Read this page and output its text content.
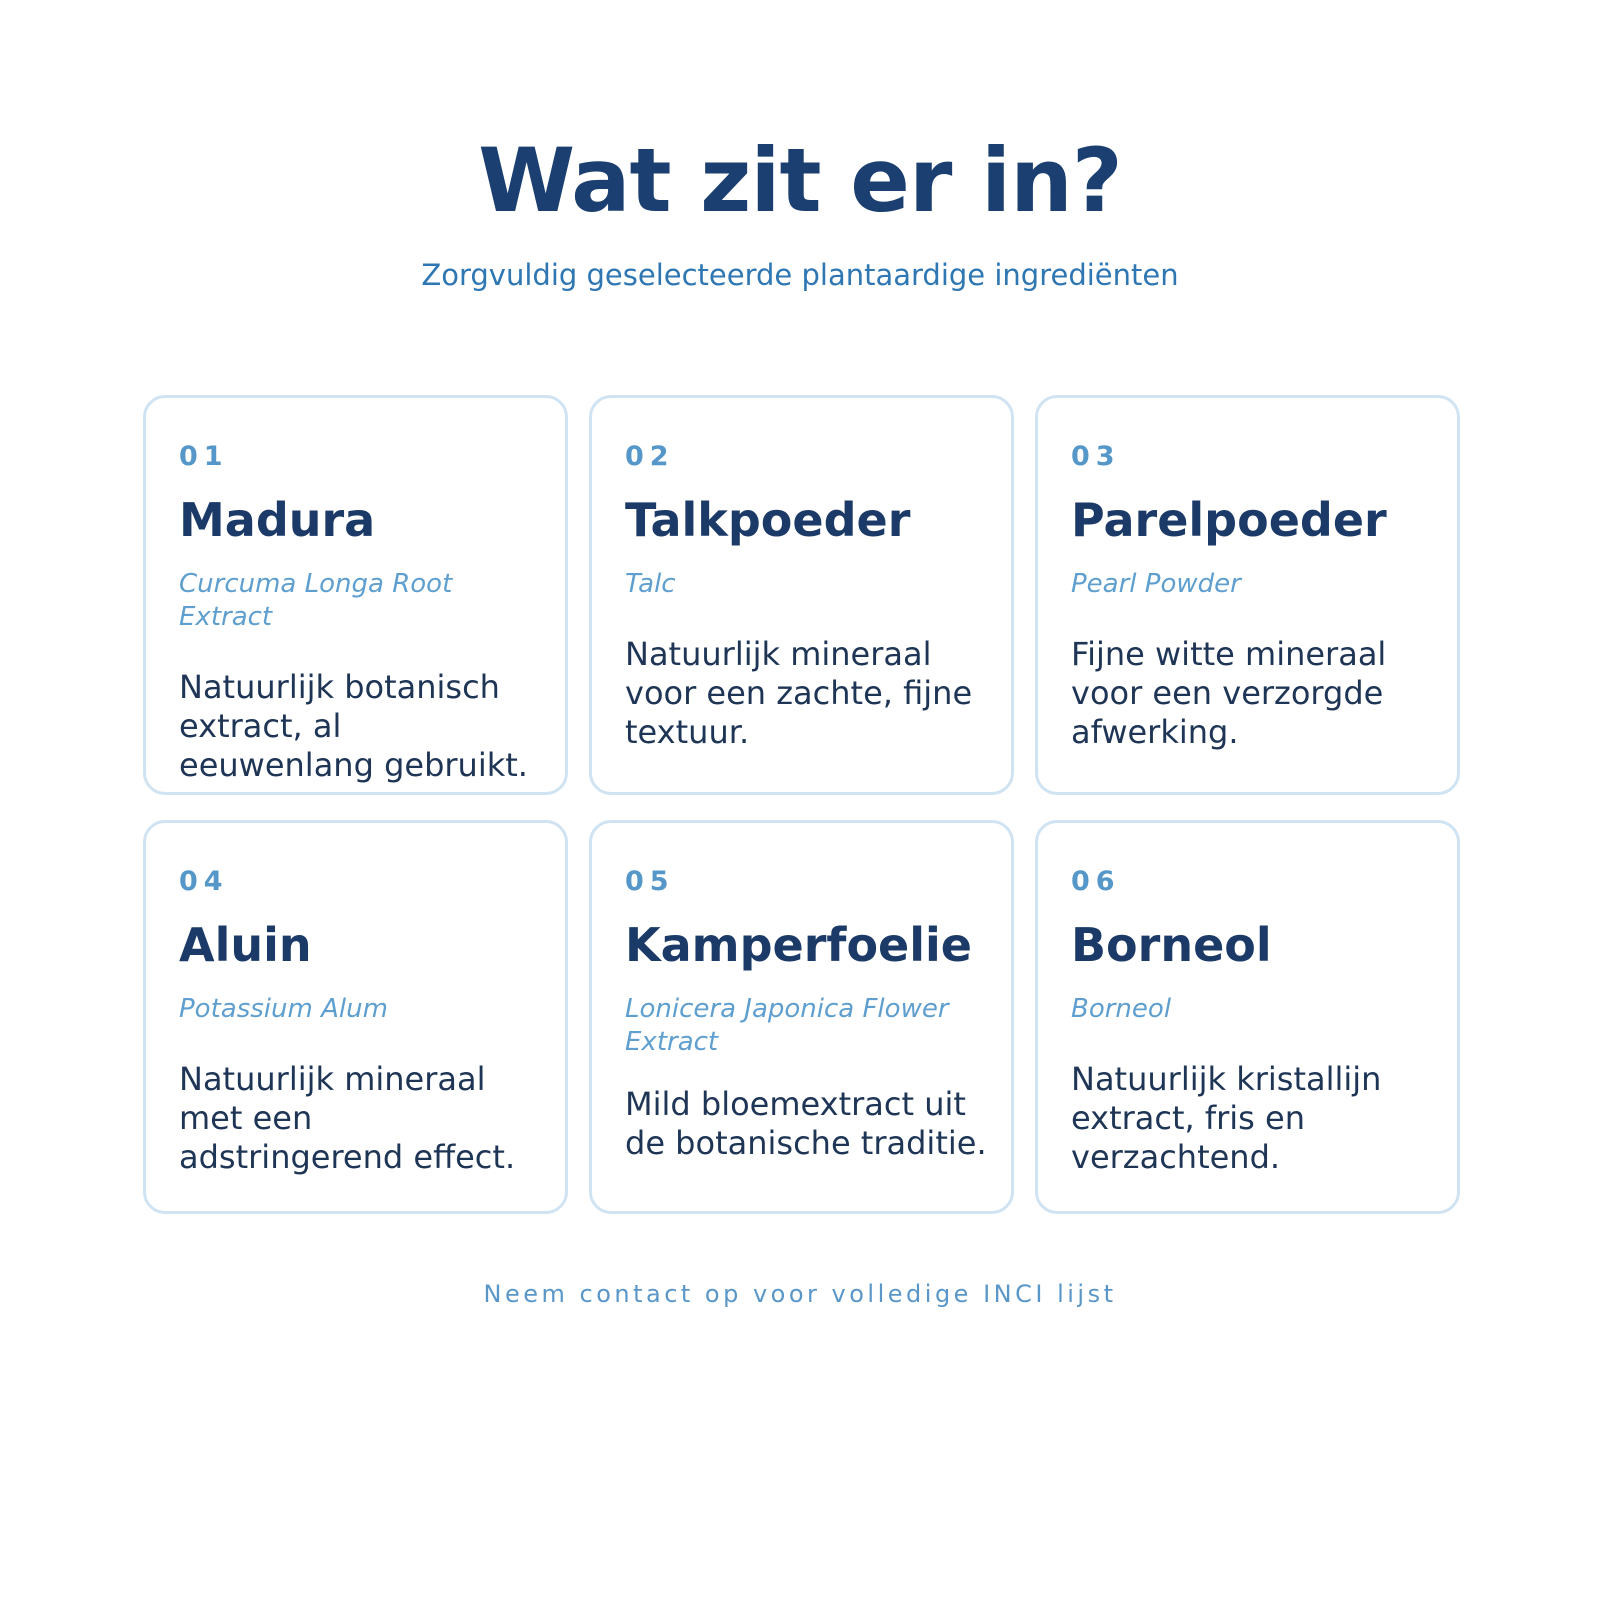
Wat zit er in?

Zorgvuldig geselecteerde plantaardige ingrediënten

01
Madura
Curcuma Longa Root Extract
Natuurlijk botanisch extract, al eeuwenlang gebruikt.
02
Talkpoeder
Talc
Natuurlijk mineraal voor een zachte, fijne textuur.
03
Parelpoeder
Pearl Powder
Fijne witte mineraal voor een verzorgde afwerking.
04
Aluin
Potassium Alum
Natuurlijk mineraal met een adstringerend effect.
05
Kamperfoelie
Lonicera Japonica Flower Extract
Mild bloemextract uit de botanische traditie.
06
Borneol
Borneol
Natuurlijk kristallijn extract, fris en verzachtend.

Neem contact op voor volledige INCI lijst
